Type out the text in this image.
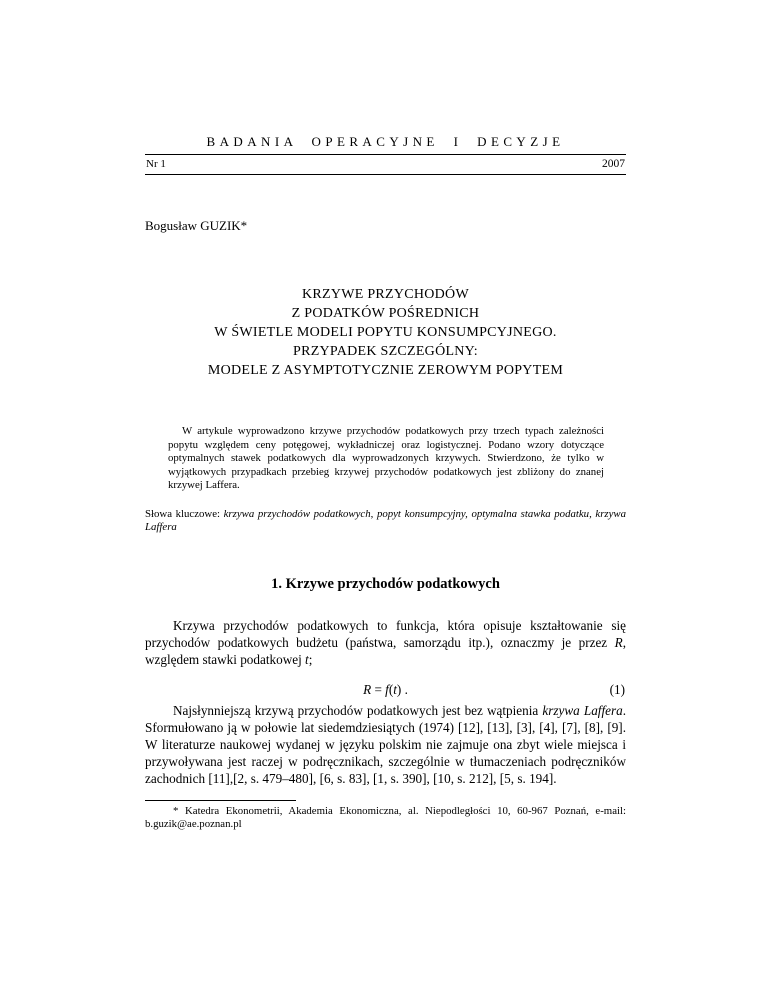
BADANIA OPERACYJNE I DECYZJE
Nr 1	2007
Bogusław GUZIK*
KRZYWE PRZYCHODÓW
Z PODATKÓW POŚREDNICH
W ŚWIETLE MODELI POPYTU KONSUMPCYJNEGO.
PRZYPADEK SZCZEGÓLNY:
MODELE Z ASYMPTOTYCZNIE ZEROWYM POPYTEM
W artykule wyprowadzono krzywe przychodów podatkowych przy trzech typach zależności popytu względem ceny potęgowej, wykładniczej oraz logistycznej. Podano wzory dotyczące optymalnych stawek podatkowych dla wyprowadzonych krzywych. Stwierdzono, że tylko w wyjątkowych przypadkach przebieg krzywej przychodów podatkowych jest zbliżony do znanej krzywej Laffera.
Słowa kluczowe: krzywa przychodów podatkowych, popyt konsumpcyjny, optymalna stawka podatku, krzywa Laffera
1. Krzywe przychodów podatkowych

Krzywa przychodów podatkowych to funkcja, która opisuje kształtowanie się przychodów podatkowych budżetu (państwa, samorządu itp.), oznaczmy je przez R, względem stawki podatkowej t;

R = f(t) .	(1)

Najsłynniejszą krzywą przychodów podatkowych jest bez wątpienia krzywa Laffera. Sformułowano ją w połowie lat siedemdziesiątych (1974) [12], [13], [3], [4], [7], [8], [9]. W literaturze naukowej wydanej w języku polskim nie zajmuje ona zbyt wiele miejsca i przywoływana jest raczej w podręcznikach, szczególnie w tłumaczeniach podręczników zachodnich [11],[2, s. 479–480], [6, s. 83], [1, s. 390], [10, s. 212], [5, s. 194].

* Katedra Ekonometrii, Akademia Ekonomiczna, al. Niepodległości 10, 60-967 Poznań, e-mail: b.guzik@ae.poznan.pl
